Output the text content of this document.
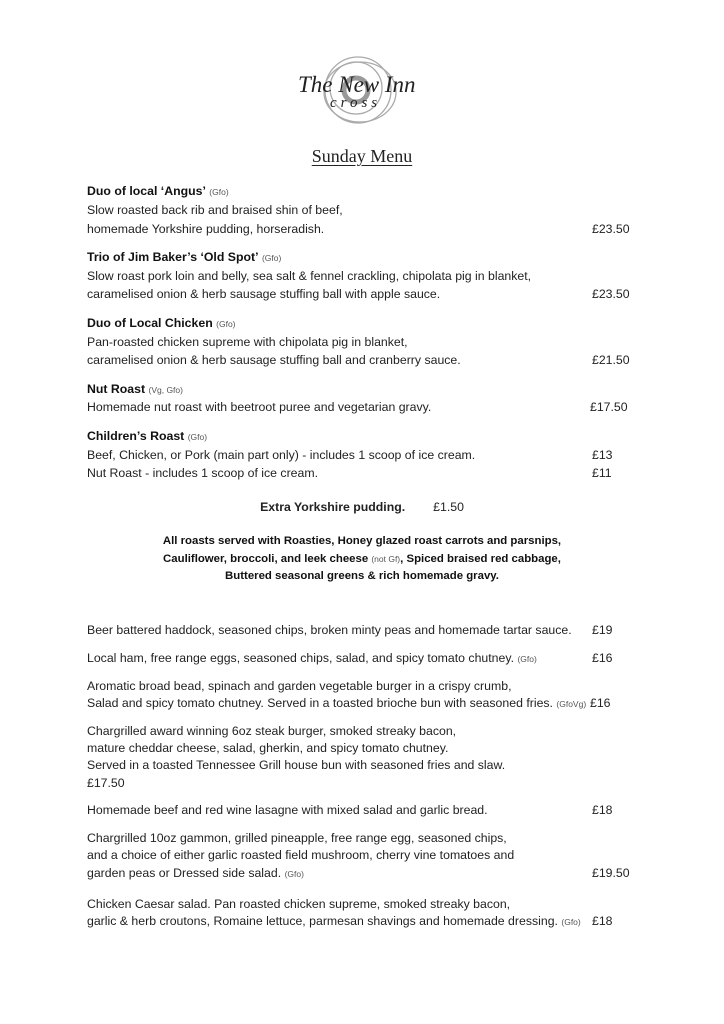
The New Inn
cross
Sunday Menu
Duo of local ‘Angus’ (Gfo)
Slow roasted back rib and braised shin of beef,
homemade Yorkshire pudding, horseradish.	£23.50
Trio of Jim Baker’s ‘Old Spot’ (Gfo)
Slow roast pork loin and belly, sea salt & fennel crackling, chipolata pig in blanket,
caramelised onion & herb sausage stuffing ball with apple sauce.	£23.50
Duo of Local Chicken (Gfo)
Pan-roasted chicken supreme with chipolata pig in blanket,
caramelised onion & herb sausage stuffing ball and cranberry sauce.	£21.50
Nut Roast (Vg, Gfo)
Homemade nut roast with beetroot puree and vegetarian gravy.	£17.50
Children’s Roast (Gfo)
Beef, Chicken, or Pork (main part only) - includes 1 scoop of ice cream.	£13
Nut Roast - includes 1 scoop of ice cream.	£11
Extra Yorkshire pudding. £1.50
All roasts served with Roasties, Honey glazed roast carrots and parsnips,
Cauliflower, broccoli, and leek cheese (not Gf), Spiced braised red cabbage,
Buttered seasonal greens & rich homemade gravy.
Beer battered haddock, seasoned chips, broken minty peas and homemade tartar sauce. £19
Local ham, free range eggs, seasoned chips, salad, and spicy tomato chutney. (Gfo)	£16
Aromatic broad bead, spinach and garden vegetable burger in a crispy crumb,
Salad and spicy tomato chutney. Served in a toasted brioche bun with seasoned fries. (GfoVg) £16
Chargrilled award winning 6oz steak burger, smoked streaky bacon,
mature cheddar cheese, salad, gherkin, and spicy tomato chutney.
Served in a toasted Tennessee Grill house bun with seasoned fries and slaw.
£17.50
Homemade beef and red wine lasagne with mixed salad and garlic bread.	£18
Chargrilled 10oz gammon, grilled pineapple, free range egg, seasoned chips,
and a choice of either garlic roasted field mushroom, cherry vine tomatoes and
garden peas or Dressed side salad. (Gfo)	£19.50
Chicken Caesar salad. Pan roasted chicken supreme, smoked streaky bacon,
garlic & herb croutons, Romaine lettuce, parmesan shavings and homemade dressing. (Gfo) £18
